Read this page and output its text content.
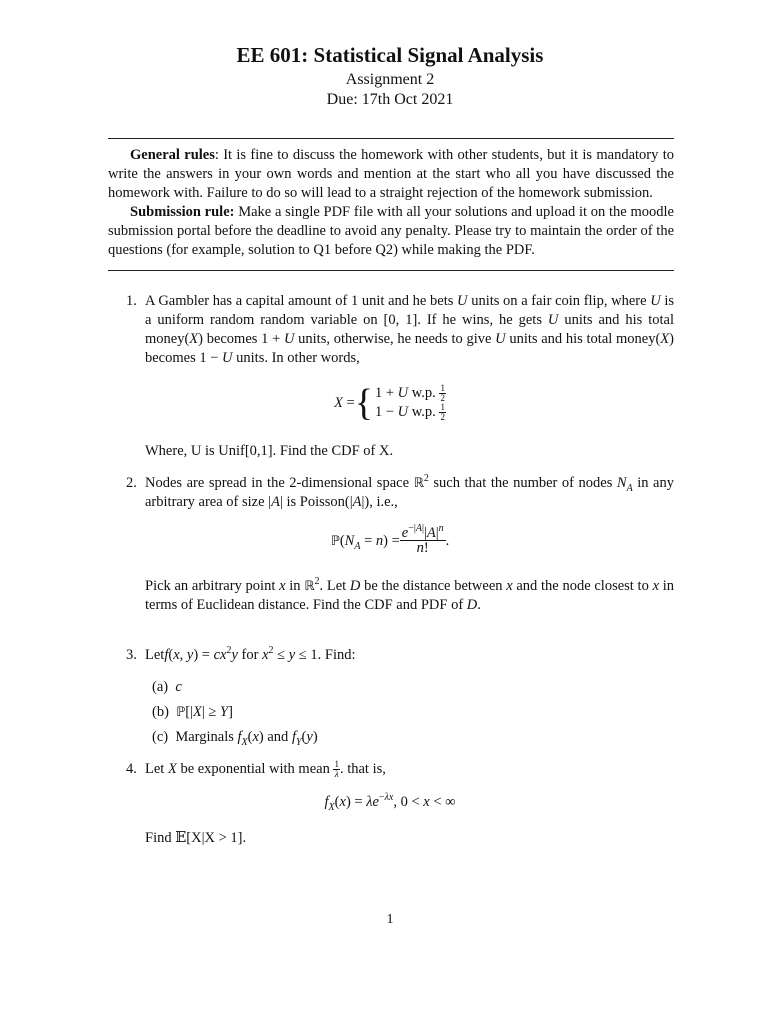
EE 601: Statistical Signal Analysis
Assignment 2
Due: 17th Oct 2021

General rules: It is fine to discuss the homework with other students, but it is mandatory to write the answers in your own words and mention at the start who all you have discussed the homework with. Failure to do so will lead to a straight rejection of the homework submission.

Submission rule: Make a single PDF file with all your solutions and upload it on the moodle submission portal before the deadline to avoid any penalty. Please try to maintain the order of the questions (for example, solution to Q1 before Q2) while making the PDF.

1. A Gambler has a capital amount of 1 unit and he bets U units on a fair coin flip, where U is a uniform random random variable on [0, 1]. If he wins, he gets U units and his total money(X) becomes 1 + U units, otherwise, he needs to give U units and his total money(X) becomes 1 − U units. In other words,
X ={ 1 + U w.p. $\frac{1}{2}$

1 − U w.p. $\frac{1}{2}$
Where, U is Unif[0,1]. Find the CDF of X.
2. Nodes are spread in the 2-dimensional space ℝ$^2$ such that the number of nodes $N_A$ in any arbitrary area of size |A| is Poisson(|A|), i.e.,
$ℙ(N_A = n) = \frac{e^{-|A|}|A|^n}{n!}$ .
Pick an arbitrary point x in ℝ$^2$. Let D be the distance between x and the node closest to x in terms of Euclidean distance. Find the CDF and PDF of D.
3. Letf(x, $y) = cx^2y$ for $x^2 \le y \le 1$. Find:
(a) c
(b) ℙ[|X| ≥ Y]
(c)  Marginals $f_X(x)$ and $f_Y(y)$
4. Let X be exponential with mean $\frac{1}{\lambda}$ . that is,
$f_X(x) = \lambda e^{-\lambda x}$, 0 < x < ∞
Find 𝔼[X|X > 1].
1
